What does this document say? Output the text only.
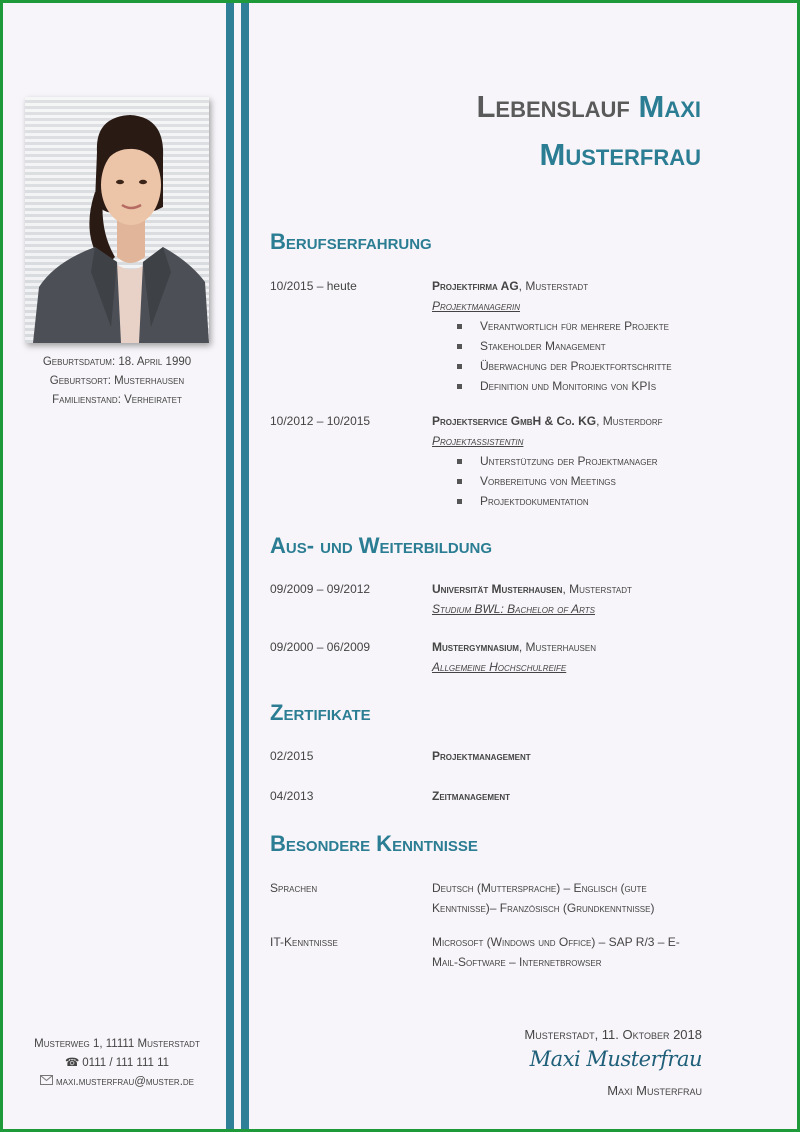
Geburtsdatum: 18. April 1990
Geburtsort: Musterhausen
Familienstand: Verheiratet
Musterweg 1, 11111 Musterstadt
☎ 0111 / 111 111 11
maxi.musterfrau@muster.de
Lebenslauf Maxi
Musterfrau
Berufserfahrung
10/2015 – heute	Projektfirma AG, Musterstadt
Projektmanagerin
Verantwortlich für mehrere Projekte
Stakeholder Management
Überwachung der Projektfortschritte
Definition und Monitoring von KPIs
10/2012 – 10/2015	Projektservice GmbH & Co. KG, Musterdorf
Projektassistentin
Unterstützung der Projektmanager
Vorbereitung von Meetings
Projektdokumentation
Aus- und Weiterbildung
09/2009 – 09/2012	Universität Musterhausen, Musterstadt
Studium BWL: Bachelor of Arts
09/2000 – 06/2009	Mustergymnasium, Musterhausen
Allgemeine Hochschulreife
Zertifikate
02/2015	Projektmanagement
04/2013	Zeitmanagement
Besondere Kenntnisse
Sprachen	Deutsch (Muttersprache) – Englisch (gute Kenntnisse)– Französisch (Grundkenntnisse)
IT-Kenntnisse	Microsoft (Windows und Office) – SAP R/3 – E-Mail-Software – Internetbrowser
Musterstadt, 11. Oktober 2018
Maxi Musterfrau
Maxi Musterfrau
